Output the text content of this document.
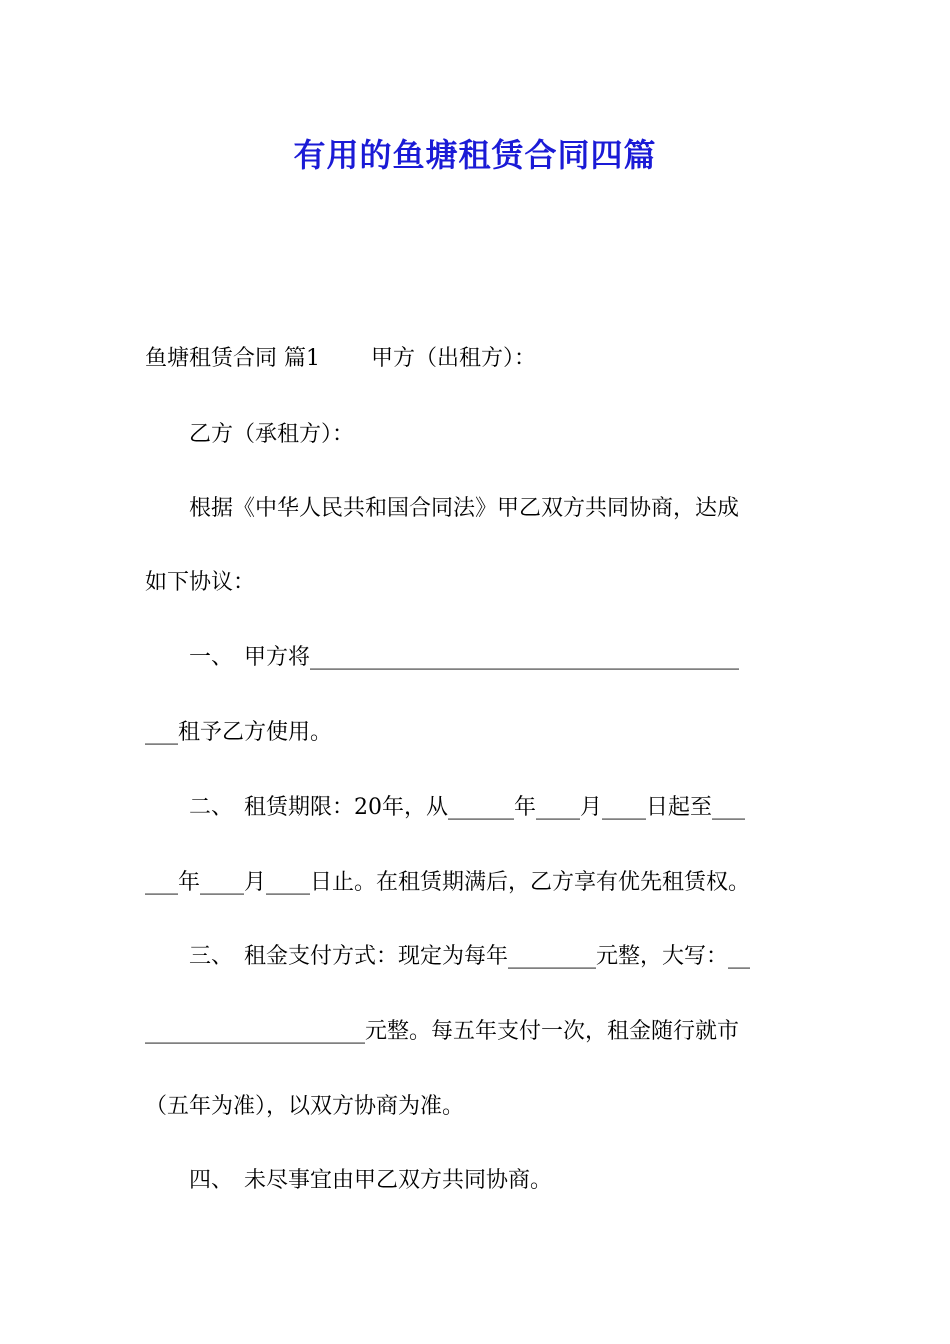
有用的鱼塘租赁合同四篇
鱼塘租赁合同 篇1　　 甲方（出租方）：
　　乙方（承租方）：
　　根据《中华人民共和国合同法》甲乙双方共同协商，达成
如下协议：
　　一、　甲方将_______________________________________
___租予乙方使用。
　　二、　租赁期限：20年，从______年____月____日起至___
___年____月____日止。在租赁期满后，乙方享有优先租赁权。
　　三、　租金支付方式：现定为每年________元整，大写：__
____________________元整。每五年支付一次，租金随行就市
（五年为准），以双方协商为准。
　　四、　未尽事宜由甲乙双方共同协商。
